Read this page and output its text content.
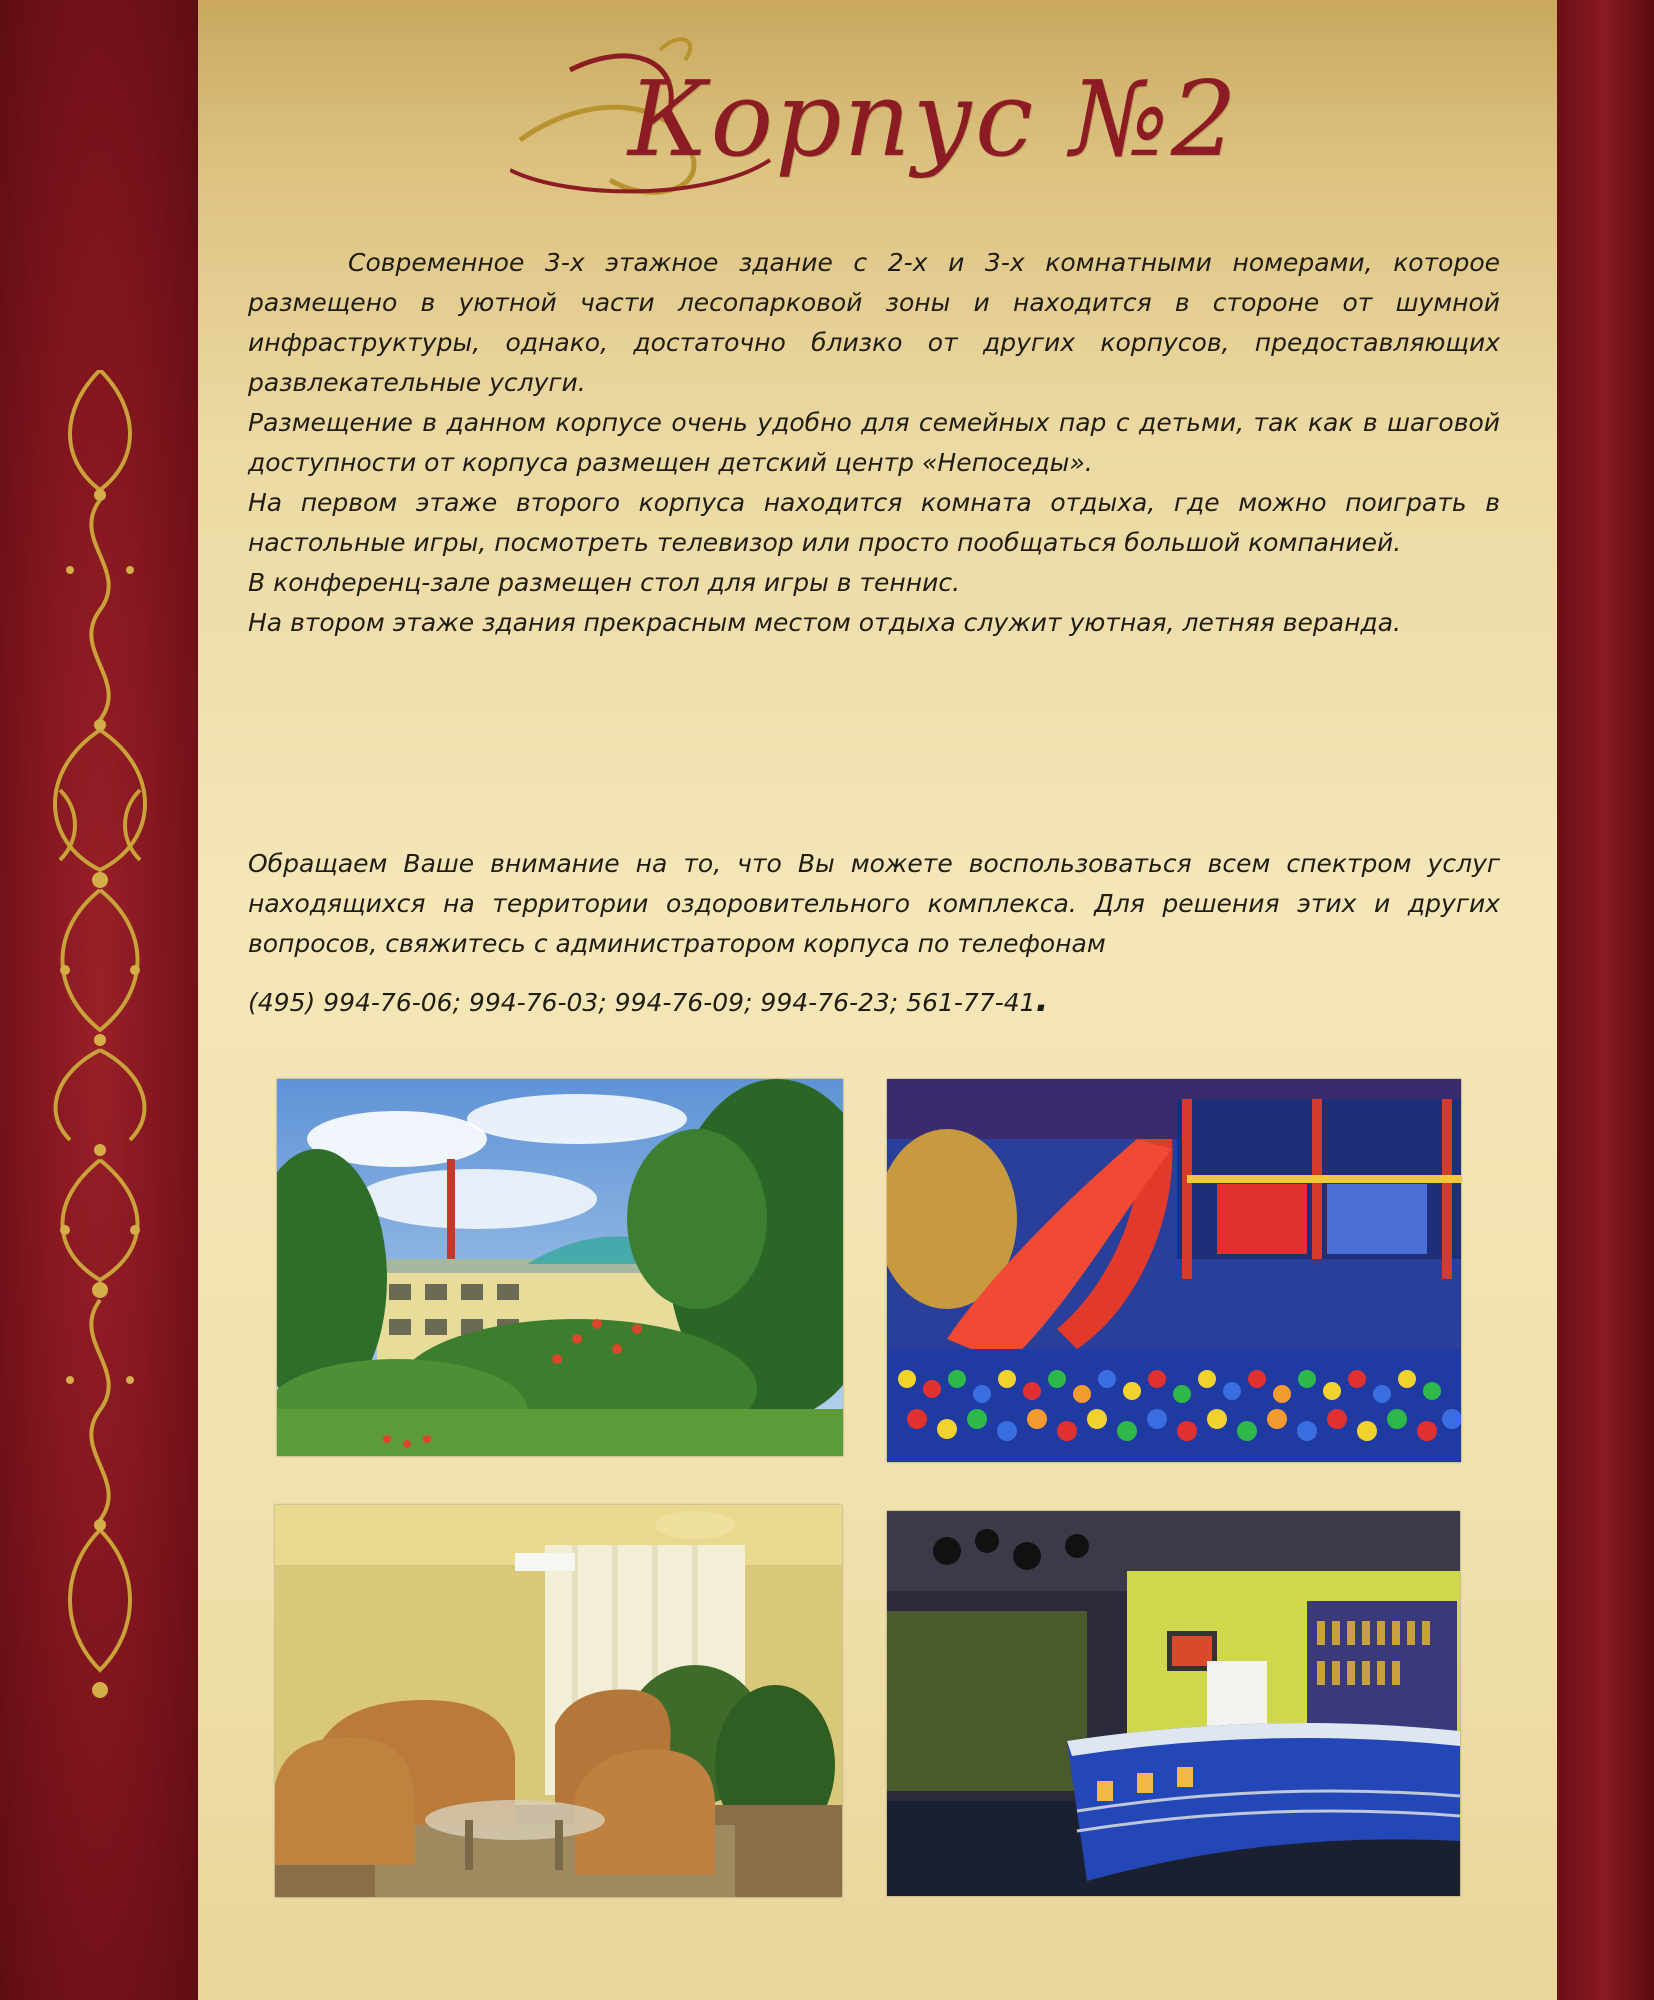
Корпус №2

Современное 3-х этажное здание с 2-х и 3-х комнатными номерами, которое размещено в уютной части лесопарковой зоны и находится в стороне от шумной инфраструктуры, однако, достаточно близко от других корпусов, предоставляющих развлекательные услуги.

Размещение в данном корпусе очень удобно для семейных пар с детьми, так как в шаговой доступности от корпуса размещен детский центр «Непоседы».

На первом этаже второго корпуса находится комната отдыха, где можно поиграть в настольные игры, посмотреть телевизор или просто пообщаться большой компанией.

В конференц-зале размещен стол для игры в теннис.

На втором этаже здания прекрасным местом отдыха служит уютная, летняя веранда.

Обращаем Ваше внимание на то, что Вы можете воспользоваться всем спектром услуг находящихся на территории оздоровительного комплекса. Для решения этих и других вопросов, свяжитесь с администратором корпуса по телефонам

(495) 994-76-06; 994-76-03; 994-76-09; 994-76-23; 561-77-41.
